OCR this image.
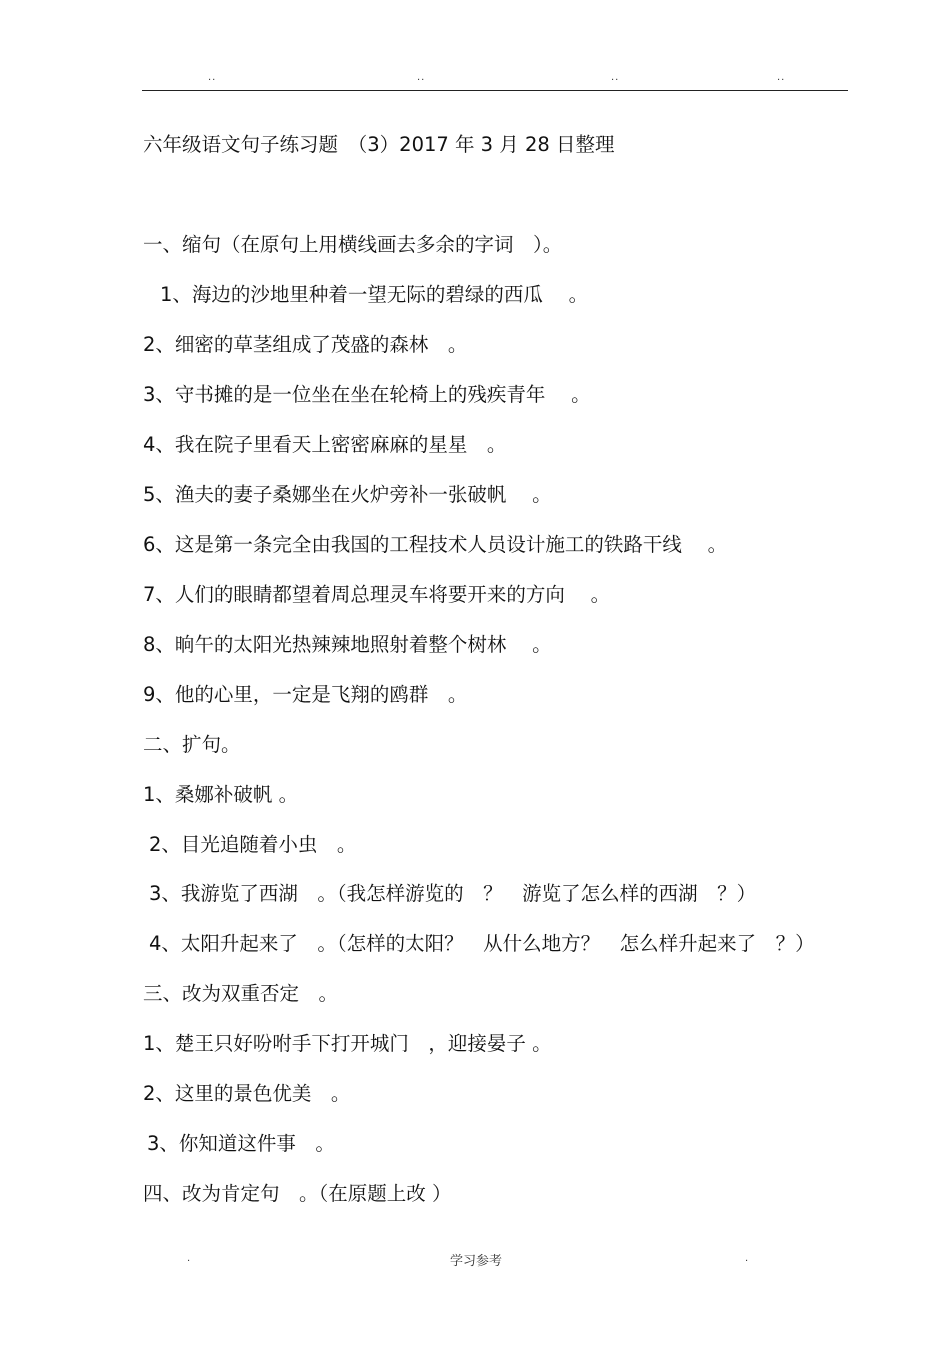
..	..	..	..
六年级语文句子练习题　（3）2017 年 3 月 28 日整理
一、缩句（在原句上用横线画去多余的字词　）。
1、海边的沙地里种着一望无际的碧绿的西瓜　 。
2、细密的草茎组成了茂盛的森林　。
3、守书摊的是一位坐在坐在轮椅上的残疾青年　 。
4、我在院子里看天上密密麻麻的星星　。
5、渔夫的妻子桑娜坐在火炉旁补一张破帆　 。
6、这是第一条完全由我国的工程技术人员设计施工的铁路干线　 。
7、人们的眼睛都望着周总理灵车将要开来的方向　 。
8、晌午的太阳光热辣辣地照射着整个树林　 。
9、他的心里，一定是飞翔的鸥群　。
二、扩句。
1、桑娜补破帆 。
2、目光追随着小虫　。
3、我游览了西湖　。（我怎样游览的　？　游览了怎么样的西湖　？）
4、太阳升起来了　。（怎样的太阳？　从什么地方？　怎么样升起来了　？）
三、改为双重否定　。
1、楚王只好吩咐手下打开城门　，迎接晏子 。
2、这里的景色优美　。
3、你知道这件事　。
四、改为肯定句　。（在原题上改 ）
.	学习参考	.
